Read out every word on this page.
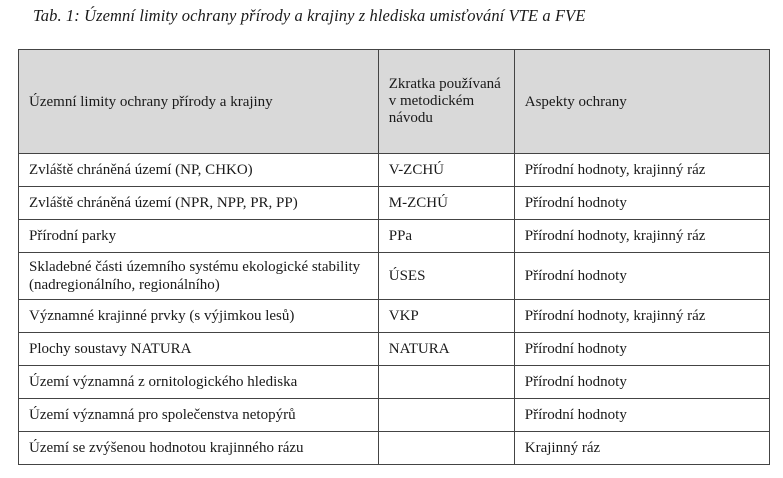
Tab. 1: Územní limity ochrany přírody a krajiny z hlediska umisťování VTE a FVE
Územní limity ochrany přírody a krajiny	Zkratka používaná v metodickém návodu	Aspekty ochrany
Zvláště chráněná území (NP, CHKO)	V-ZCHÚ	Přírodní hodnoty, krajinný ráz
Zvláště chráněná území (NPR, NPP, PR, PP)	M-ZCHÚ	Přírodní hodnoty
Přírodní parky	PPa	Přírodní hodnoty, krajinný ráz
Skladebné části územního systému ekologické stability (nadregionálního, regionálního)	ÚSES	Přírodní hodnoty
Významné krajinné prvky (s výjimkou lesů)	VKP	Přírodní hodnoty, krajinný ráz
Plochy soustavy NATURA	NATURA	Přírodní hodnoty
Území významná z ornitologického hlediska		Přírodní hodnoty
Území významná pro společenstva netopýrů		Přírodní hodnoty
Území se zvýšenou hodnotou krajinného rázu		Krajinný ráz
